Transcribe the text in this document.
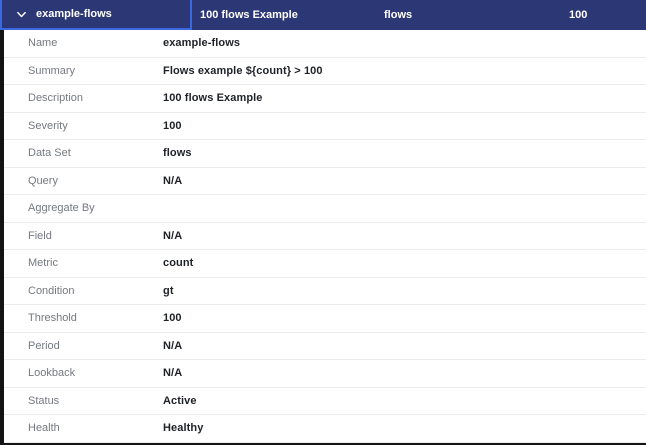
example-flows	100 flows Example	flows	100
Name	example-flows
Summary	Flows example ${count} > 100
Description	100 flows Example
Severity	100
Data Set	flows
Query	N/A
Aggregate By
Field	N/A
Metric	count
Condition	gt
Threshold	100
Period	N/A
Lookback	N/A
Status	Active
Health	Healthy
